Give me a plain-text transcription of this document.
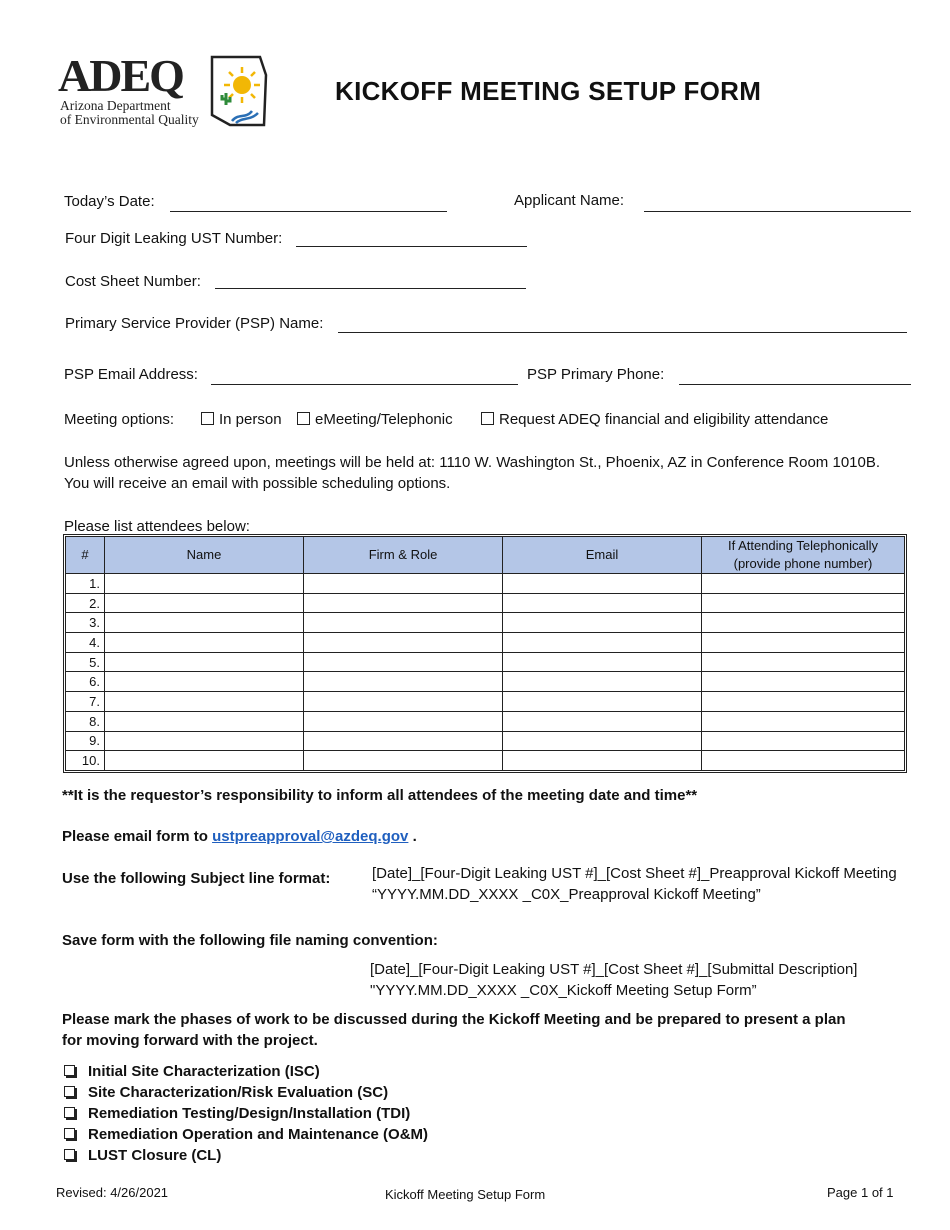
ADEQ
Arizona Department
of Environmental Quality
KICKOFF MEETING SETUP FORM
Today’s Date:	Applicant Name:
Four Digit Leaking UST Number:
Cost Sheet Number:
Primary Service Provider (PSP) Name:
PSP Email Address:	PSP Primary Phone:
Meeting options:	In person	eMeeting/Telephonic	Request ADEQ financial and eligibility attendance
Unless otherwise agreed upon, meetings will be held at: 1110 W. Washington St., Phoenix, AZ in Conference Room 1010B. You will receive an email with possible scheduling options.
Please list attendees below:
#	Name	Firm & Role	Email	If Attending Telephonically
(provide phone number)
1.				
2.				
3.				
4.				
5.				
6.				
7.				
8.				
9.				
10.				
**It is the requestor’s responsibility to inform all attendees of the meeting date and time**
Please email form to ustpreapproval@azdeq.gov .
Use the following Subject line format:	[Date]_[Four-Digit Leaking UST #]_[Cost Sheet #]_Preapproval Kickoff Meeting
“YYYY.MM.DD_XXXX _C0X_Preapproval Kickoff Meeting”
Save form with the following file naming convention:
[Date]_[Four-Digit Leaking UST #]_[Cost Sheet #]_[Submittal Description]
"YYYY.MM.DD_XXXX _C0X_Kickoff Meeting Setup Form”
Please mark the phases of work to be discussed during the Kickoff Meeting and be prepared to present a plan
for moving forward with the project.
Initial Site Characterization (ISC)
Site Characterization/Risk Evaluation (SC)
Remediation Testing/Design/Installation (TDI)
Remediation Operation and Maintenance (O&M)
LUST Closure (CL)
Revised: 4/26/2021	Kickoff Meeting Setup Form	Page 1 of 1
